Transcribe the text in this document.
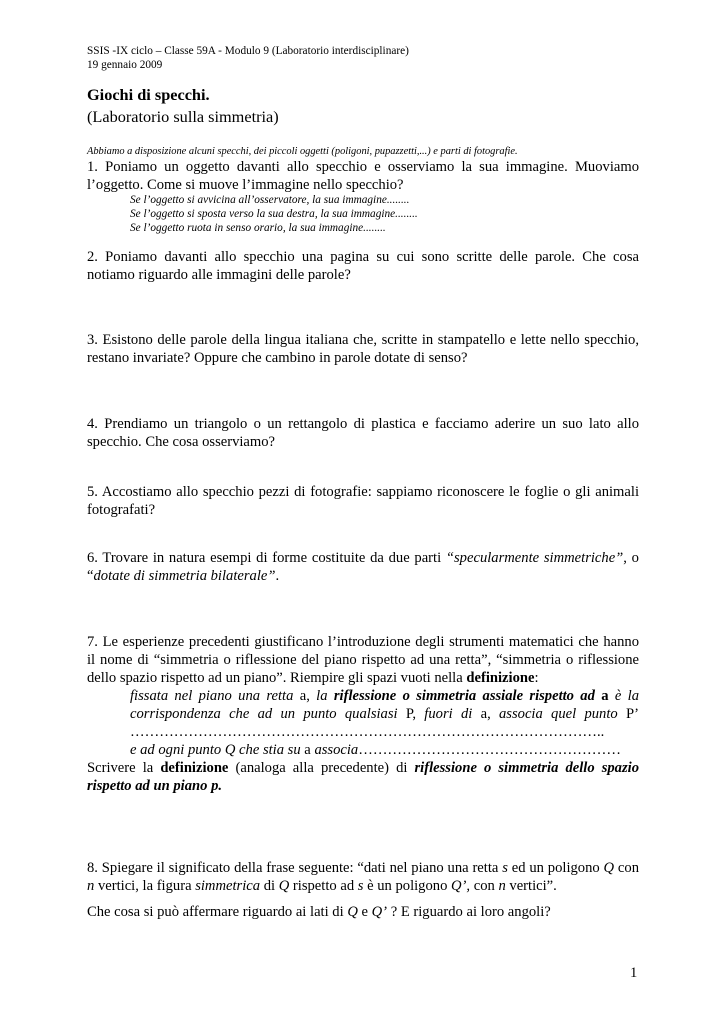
SSIS -IX ciclo – Classe 59A - Modulo 9 (Laboratorio interdisciplinare)
19 gennaio 2009
Giochi di specchi.
(Laboratorio sulla simmetria)
Abbiamo a disposizione alcuni specchi, dei piccoli oggetti (poligoni, pupazzetti,...) e parti di fotografie.
1. Poniamo un oggetto davanti allo specchio e osserviamo la sua immagine. Muoviamo
l’oggetto. Come si muove l’immagine nello specchio?
Se l’oggetto si avvicina all’osservatore, la sua immagine........
Se l’oggetto si sposta verso la sua destra, la sua immagine........
Se l’oggetto ruota in senso orario, la sua immagine........
2. Poniamo davanti allo specchio una pagina su cui sono scritte delle parole. Che cosa
notiamo riguardo alle immagini delle parole?
3. Esistono delle parole della lingua italiana che, scritte in stampatello e lette nello specchio,
restano invariate? Oppure che cambino in parole dotate di senso?
4. Prendiamo un triangolo o un rettangolo di plastica e facciamo aderire un suo lato allo
specchio. Che cosa osserviamo?
5. Accostiamo allo specchio pezzi di fotografie: sappiamo riconoscere le foglie o gli animali
fotografati?
6. Trovare in natura esempi di forme costituite da due parti “specularmente simmetriche”, o
“dotate di simmetria bilaterale”.
7. Le esperienze precedenti giustificano l’introduzione degli strumenti matematici che hanno
il nome di “simmetria o riflessione del piano rispetto ad una retta”, “simmetria o riflessione
dello spazio rispetto ad un piano”. Riempire gli spazi vuoti nella definizione:
fissata nel piano una retta a, la riflessione o simmetria assiale rispetto ad a è la
corrispondenza che ad un punto qualsiasi P, fuori di a, associa quel punto P’
……………………………………………………………………………………..
e ad ogni punto Q che stia su a associa………………………………………………
Scrivere la definizione (analoga alla precedente) di riflessione o simmetria dello spazio
rispetto ad un piano p.
8. Spiegare il significato della frase seguente: “dati nel piano una retta s ed un poligono Q con
n vertici, la figura simmetrica di Q rispetto ad s è un poligono Q’, con n vertici”.
Che cosa si può affermare riguardo ai lati di Q e Q’ ? E riguardo ai loro angoli?
1
